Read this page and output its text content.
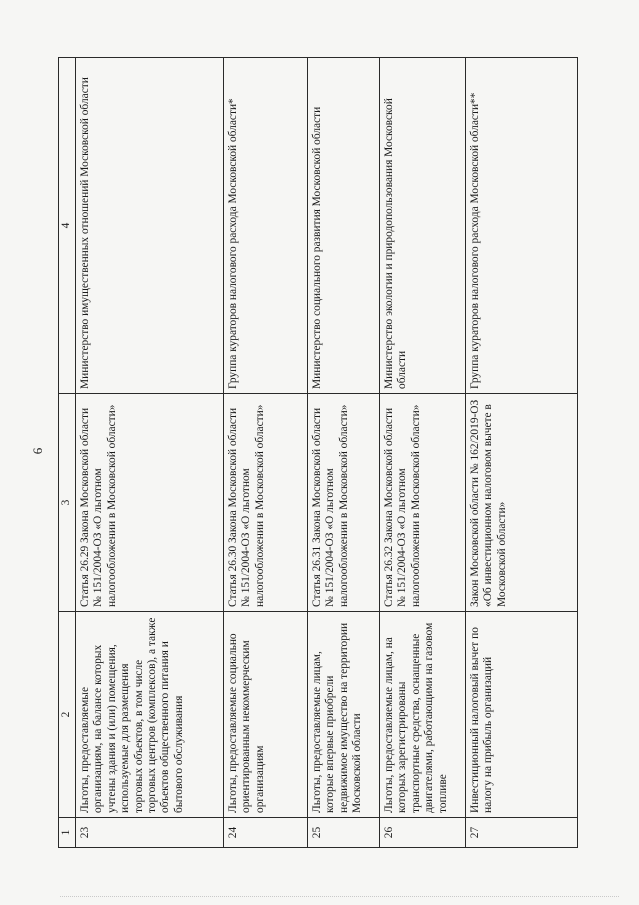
6
1	2	3	4
23	Льготы, предоставляемые организациям, на балансе которых учтены здания и (или) помещения, используемые для размещения торговых объектов, в том числе торговых центров (комплексов), а также объектов общественного питания и бытового обслуживания	Статья 26.29 Закона Московской области № 151/2004-ОЗ «О льготном налогообложении в Московской области»	Министерство имущественных отношений Московской области
24	Льготы, предоставляемые социально ориентированным некоммерческим организациям	Статья 26.30 Закона Московской области № 151/2004-ОЗ «О льготном налогообложении в Московской области»	Группа кураторов налогового расхода Московской области*
25	Льготы, предоставляемые лицам, которые впервые приобрели недвижимое имущество на территории Московской области	Статья 26.31 Закона Московской области № 151/2004-ОЗ «О льготном налогообложении в Московской области»	Министерство социального развития Московской области
26	Льготы, предоставляемые лицам, на которых зарегистрированы транспортные средства, оснащенные двигателями, работающими на газовом топливе	Статья 26.32 Закона Московской области № 151/2004-ОЗ «О льготном налогообложении в Московской области»	Министерство экологии и природопользования Московской области
27	Инвестиционный налоговый вычет по налогу на прибыль организаций	Закон Московской области № 162/2019-ОЗ «Об инвестиционном налоговом вычете в Московской области»	Группа кураторов налогового расхода Московской области**
